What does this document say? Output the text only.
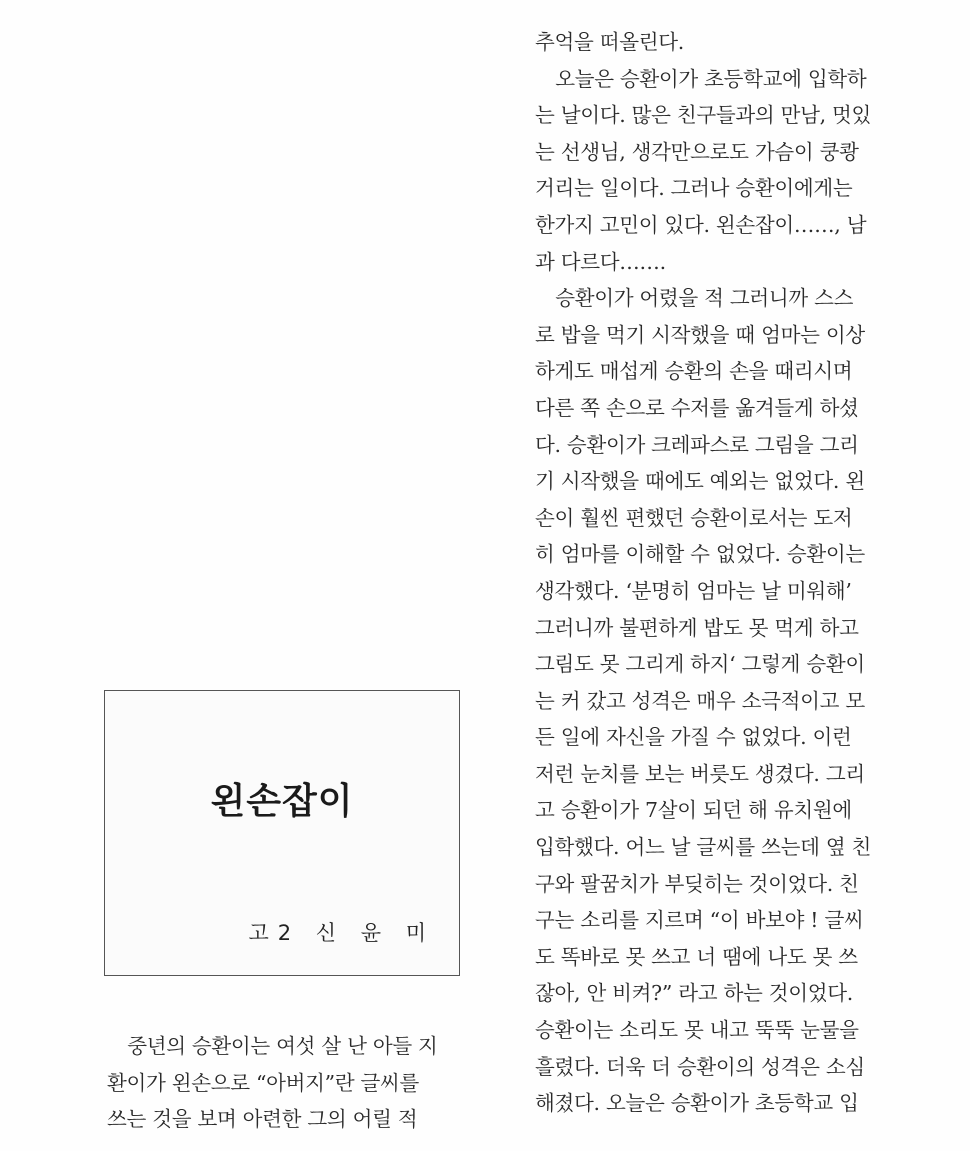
추억을 떠올린다.
　오늘은 승환이가 초등학교에 입학하
는 날이다. 많은 친구들과의 만남, 멋있
는 선생님, 생각만으로도 가슴이 쿵쾅
거리는 일이다. 그러나 승환이에게는
한가지 고민이 있다. 왼손잡이……, 남
과 다르다…….
　승환이가 어렸을 적 그러니까 스스
로 밥을 먹기 시작했을 때 엄마는 이상
하게도 매섭게 승환의 손을 때리시며
다른 쪽 손으로 수저를 옮겨들게 하셨
다. 승환이가 크레파스로 그림을 그리
기 시작했을 때에도 예외는 없었다. 왼
손이 훨씬 편했던 승환이로서는 도저
히 엄마를 이해할 수 없었다. 승환이는
생각했다. ‘분명히 엄마는 날 미워해’
그러니까 불편하게 밥도 못 먹게 하고
그림도 못 그리게 하지‘ 그렇게 승환이
는 커 갔고 성격은 매우 소극적이고 모
든 일에 자신을 가질 수 없었다. 이런
저런 눈치를 보는 버릇도 생겼다. 그리
고 승환이가 7살이 되던 해 유치원에
입학했다. 어느 날 글씨를 쓰는데 옆 친
구와 팔꿈치가 부딪히는 것이었다. 친
구는 소리를 지르며 “이 바보야 ! 글씨
도 똑바로 못 쓰고 너 땜에 나도 못 쓰
잖아, 안 비켜?” 라고 하는 것이었다.
승환이는 소리도 못 내고 뚝뚝 눈물을
흘렸다. 더욱 더 승환이의 성격은 소심
해졌다. 오늘은 승환이가 초등학교 입
왼손잡이
고2 신 윤 미
　중년의 승환이는 여섯 살 난 아들 지
환이가 왼손으로 “아버지”란 글씨를
쓰는 것을 보며 아련한 그의 어릴 적
